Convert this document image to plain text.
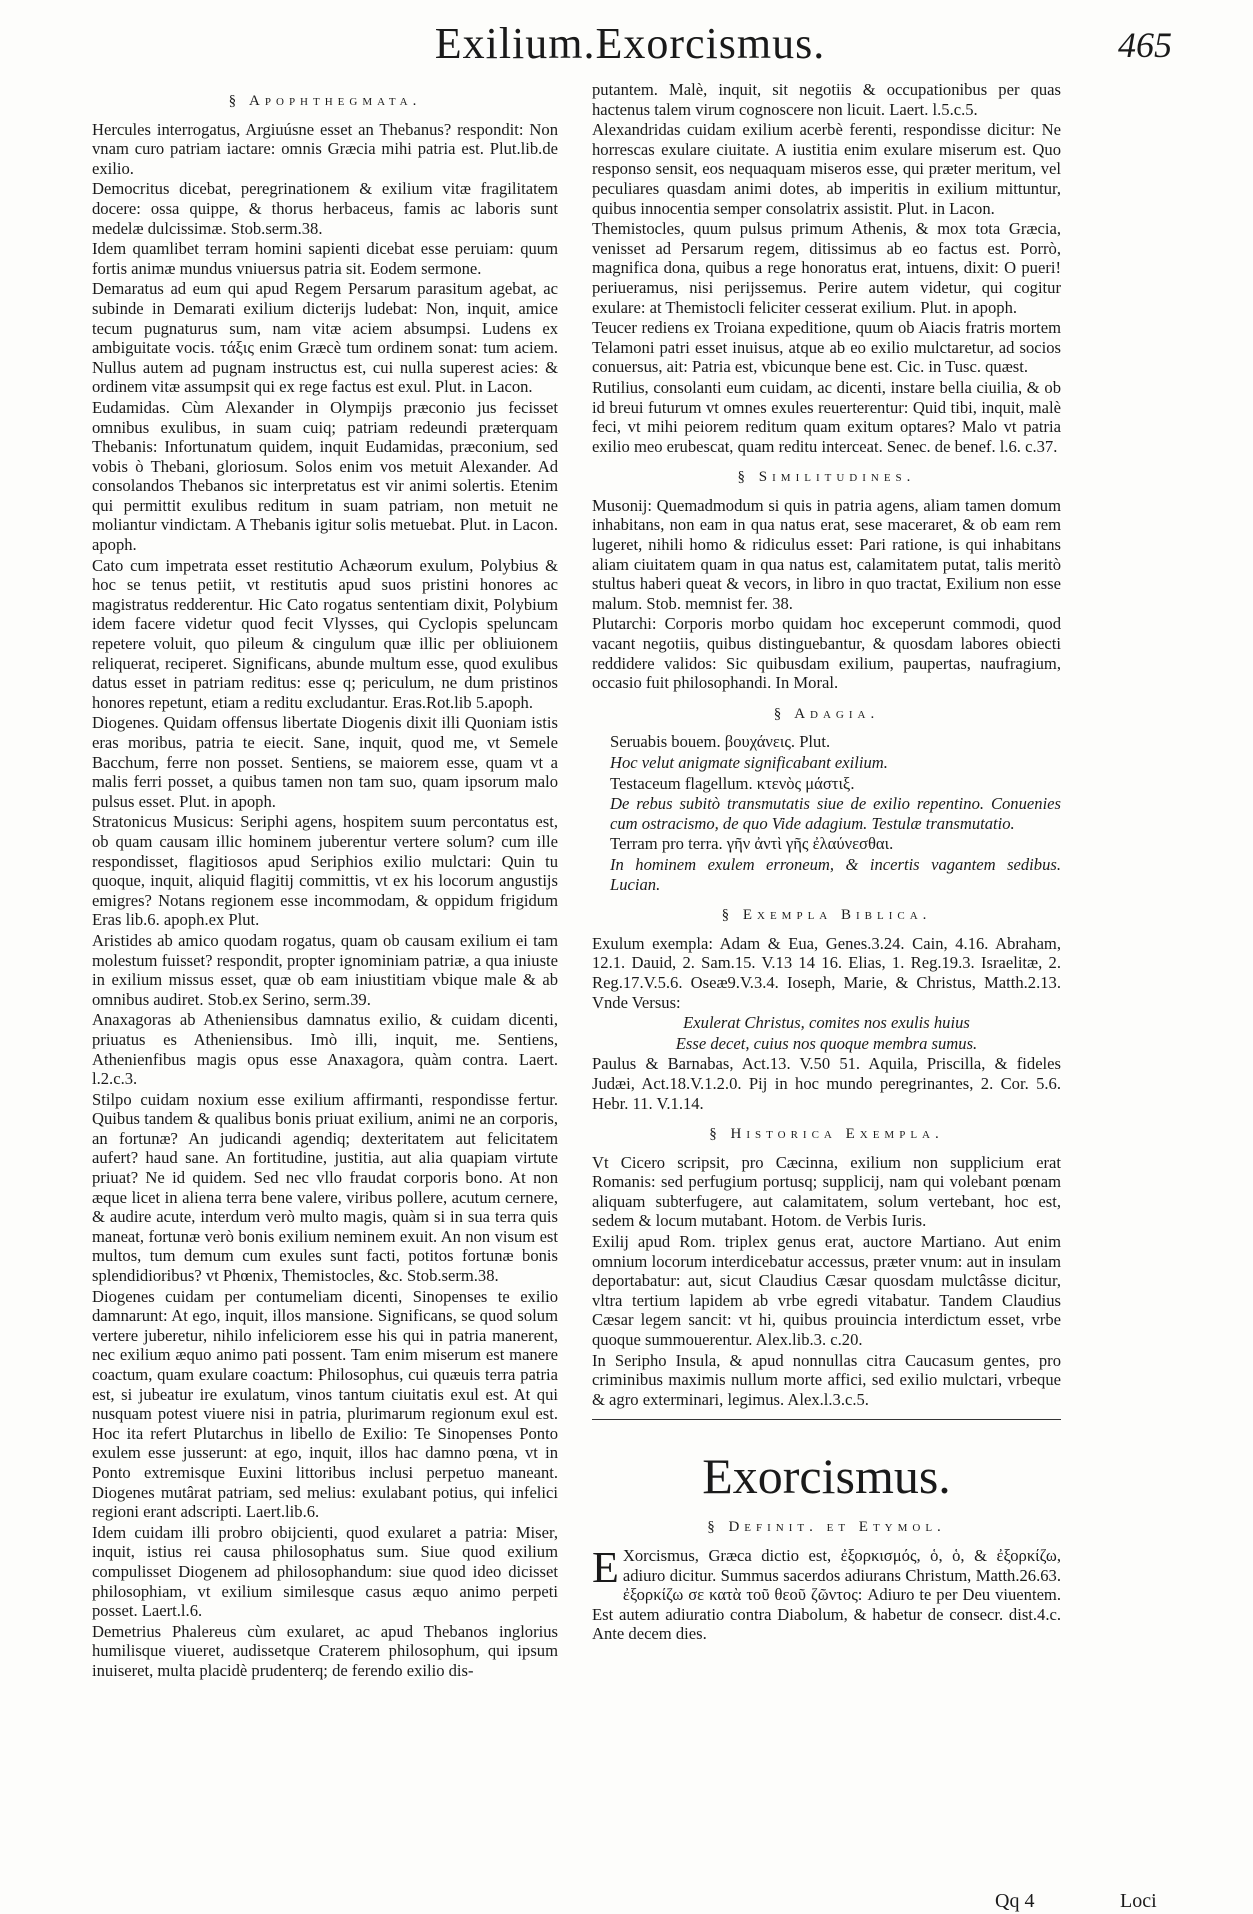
Exilium.Exorcismus.	465
§ Apophthegmata.

Hercules interrogatus, Argiuúsne esset an Thebanus? respondit: Non vnam curo patriam iactare: omnis Græcia mihi patria est. Plut.lib.de exilio.

Democritus dicebat, peregrinationem & exilium vitæ fragilitatem docere: ossa quippe, & thorus herbaceus, famis ac laboris sunt medelæ dulcissimæ. Stob.serm.38.

Idem quamlibet terram homini sapienti dicebat esse peruiam: quum fortis animæ mundus vniuersus patria sit. Eodem sermone.

Demaratus ad eum qui apud Regem Persarum parasitum agebat, ac subinde in Demarati exilium dicterijs ludebat: Non, inquit, amice tecum pugnaturus sum, nam vitæ aciem absumpsi. Ludens ex ambiguitate vocis. τάξις enim Græcè tum ordinem sonat: tum aciem. Nullus autem ad pugnam instructus est, cui nulla superest acies: & ordinem vitæ assumpsit qui ex rege factus est exul. Plut. in Lacon.

Eudamidas. Cùm Alexander in Olympijs præconio jus fecisset omnibus exulibus, in suam cuiq; patriam redeundi præterquam Thebanis: Infortunatum quidem, inquit Eudamidas, præconium, sed vobis ò Thebani, gloriosum. Solos enim vos metuit Alexander. Ad consolandos Thebanos sic interpretatus est vir animi solertis. Etenim qui permittit exulibus reditum in suam patriam, non metuit ne moliantur vindictam. A Thebanis igitur solis metuebat. Plut. in Lacon. apoph.

Cato cum impetrata esset restitutio Achæorum exulum, Polybius & hoc se tenus petiit, vt restitutis apud suos pristini honores ac magistratus redderentur. Hic Cato rogatus sententiam dixit, Polybium idem facere videtur quod fecit Vlysses, qui Cyclopis speluncam repetere voluit, quo pileum & cingulum quæ illic per obliuionem reliquerat, reciperet. Significans, abunde multum esse, quod exulibus datus esset in patriam reditus: esse q; periculum, ne dum pristinos honores repetunt, etiam a reditu excludantur. Eras.Rot.lib 5.apoph.

Diogenes. Quidam offensus libertate Diogenis dixit illi Quoniam istis eras moribus, patria te eiecit. Sane, inquit, quod me, vt Semele Bacchum, ferre non posset. Sentiens, se maiorem esse, quam vt a malis ferri posset, a quibus tamen non tam suo, quam ipsorum malo pulsus esset. Plut. in apoph.

Stratonicus Musicus: Seriphi agens, hospitem suum percontatus est, ob quam causam illic hominem juberentur vertere solum? cum ille respondisset, flagitiosos apud Seriphios exilio mulctari: Quin tu quoque, inquit, aliquid flagitij committis, vt ex his locorum angustijs emigres? Notans regionem esse incommodam, & oppidum frigidum Eras lib.6. apoph.ex Plut.

Aristides ab amico quodam rogatus, quam ob causam exilium ei tam molestum fuisset? respondit, propter ignominiam patriæ, a qua iniuste in exilium missus esset, quæ ob eam iniustitiam vbique male & ab omnibus audiret. Stob.ex Serino, serm.39.

Anaxagoras ab Atheniensibus damnatus exilio, & cuidam dicenti, priuatus es Atheniensibus. Imò illi, inquit, me. Sentiens, Athenienfibus magis opus esse Anaxagora, quàm contra. Laert. l.2.c.3.

Stilpo cuidam noxium esse exilium affirmanti, respondisse fertur. Quibus tandem & qualibus bonis priuat exilium, animi ne an corporis, an fortunæ? An judicandi agendiq; dexteritatem aut felicitatem aufert? haud sane. An fortitudine, justitia, aut alia quapiam virtute priuat? Ne id quidem. Sed nec vllo fraudat corporis bono. At non æque licet in aliena terra bene valere, viribus pollere, acutum cernere, & audire acute, interdum verò multo magis, quàm si in sua terra quis maneat, fortunæ verò bonis exilium neminem exuit. An non visum est multos, tum demum cum exules sunt facti, potitos fortunæ bonis splendidioribus? vt Phœnix, Themistocles, &c. Stob.serm.38.

Diogenes cuidam per contumeliam dicenti, Sinopenses te exilio damnarunt: At ego, inquit, illos mansione. Significans, se quod solum vertere juberetur, nihilo infeliciorem esse his qui in patria manerent, nec exilium æquo animo pati possent. Tam enim miserum est manere coactum, quam exulare coactum: Philosophus, cui quæuis terra patria est, si jubeatur ire exulatum, vinos tantum ciuitatis exul est. At qui nusquam potest viuere nisi in patria, plurimarum regionum exul est. Hoc ita refert Plutarchus in libello de Exilio: Te Sinopenses Ponto exulem esse jusserunt: at ego, inquit, illos hac damno pœna, vt in Ponto extremisque Euxini littoribus inclusi perpetuo maneant. Diogenes mutârat patriam, sed melius: exulabant potius, qui infelici regioni erant adscripti. Laert.lib.6.

Idem cuidam illi probro obijcienti, quod exularet a patria: Miser, inquit, istius rei causa philosophatus sum. Siue quod exilium compulisset Diogenem ad philosophandum: siue quod ideo dicisset philosophiam, vt exilium similesque casus æquo animo perpeti posset. Laert.l.6.

Demetrius Phalereus cùm exularet, ac apud Thebanos inglorius humilisque viueret, audissetque Craterem philosophum, qui ipsum inuiseret, multa placidè prudenterq; de ferendo exilio dis-

putantem. Malè, inquit, sit negotiis & occupationibus per quas hactenus talem virum cognoscere non licuit. Laert. l.5.c.5.

Alexandridas cuidam exilium acerbè ferenti, respondisse dicitur: Ne horrescas exulare ciuitate. A iustitia enim exulare miserum est. Quo responso sensit, eos nequaquam miseros esse, qui præter meritum, vel peculiares quasdam animi dotes, ab imperitis in exilium mittuntur, quibus innocentia semper consolatrix assistit. Plut. in Lacon.

Themistocles, quum pulsus primum Athenis, & mox tota Græcia, venisset ad Persarum regem, ditissimus ab eo factus est. Porrò, magnifica dona, quibus a rege honoratus erat, intuens, dixit: O pueri! periueramus, nisi perijssemus. Perire autem videtur, qui cogitur exulare: at Themistocli feliciter cesserat exilium. Plut. in apoph.

Teucer rediens ex Troiana expeditione, quum ob Aiacis fratris mortem Telamoni patri esset inuisus, atque ab eo exilio mulctaretur, ad socios conuersus, ait: Patria est, vbicunque bene est. Cic. in Tusc. quæst.

Rutilius, consolanti eum cuidam, ac dicenti, instare bella ciuilia, & ob id breui futurum vt omnes exules reuerterentur: Quid tibi, inquit, malè feci, vt mihi peiorem reditum quam exitum optares? Malo vt patria exilio meo erubescat, quam reditu interceat. Senec. de benef. l.6. c.37.

§ Similitudines.

Musonij: Quemadmodum si quis in patria agens, aliam tamen domum inhabitans, non eam in qua natus erat, sese maceraret, & ob eam rem lugeret, nihili homo & ridiculus esset: Pari ratione, is qui inhabitans aliam ciuitatem quam in qua natus est, calamitatem putat, talis meritò stultus haberi queat & vecors, in libro in quo tractat, Exilium non esse malum. Stob. memnist fer. 38.

Plutarchi: Corporis morbo quidam hoc exceperunt commodi, quod vacant negotiis, quibus distinguebantur, & quosdam labores obiecti reddidere validos: Sic quibusdam exilium, paupertas, naufragium, occasio fuit philosophandi. In Moral.

§ Adagia.

Seruabis bouem. βουχάνεις. Plut.

Hoc velut anigmate significabant exilium.

Testaceum flagellum. κτενὸς μάστιξ.

De rebus subitò transmutatis siue de exilio repentino. Conuenies cum ostracismo, de quo Vide adagium. Testulæ transmutatio.

Terram pro terra. γῆν ἀντὶ γῆς ἐλαύνεσθαι.

In hominem exulem erroneum, & incertis vagantem sedibus. Lucian.

§ Exempla Biblica.

Exulum exempla: Adam & Eua, Genes.3.24. Cain, 4.16. Abraham, 12.1. Dauid, 2. Sam.15. V.13 14 16. Elias, 1. Reg.19.3. Israelitæ, 2. Reg.17.V.5.6. Oseæ9.V.3.4. Ioseph, Marie, & Christus, Matth.2.13. Vnde Versus:

Exulerat Christus, comites nos exulis huius

Esse decet, cuius nos quoque membra sumus.

Paulus & Barnabas, Act.13. V.50 51. Aquila, Priscilla, & fideles Judæi, Act.18.V.1.2.0. Pij in hoc mundo peregrinantes, 2. Cor. 5.6. Hebr. 11. V.1.14.

§ Historica Exempla.

Vt Cicero scripsit, pro Cæcinna, exilium non supplicium erat Romanis: sed perfugium portusq; supplicij, nam qui volebant pœnam aliquam subterfugere, aut calamitatem, solum vertebant, hoc est, sedem & locum mutabant. Hotom. de Verbis Iuris.

Exilij apud Rom. triplex genus erat, auctore Martiano. Aut enim omnium locorum interdicebatur accessus, præter vnum: aut in insulam deportabatur: aut, sicut Claudius Cæsar quosdam mulctâsse dicitur, vltra tertium lapidem ab vrbe egredi vitabatur. Tandem Claudius Cæsar legem sancit: vt hi, quibus prouincia interdictum esset, vrbe quoque summouerentur. Alex.lib.3. c.20.

In Seripho Insula, & apud nonnullas citra Caucasum gentes, pro criminibus maximis nullum morte affici, sed exilio mulctari, vrbeque & agro exterminari, legimus. Alex.l.3.c.5.

Exorcismus.
§ Definit. et Etymol.

E Xorcismus, Græca dictio est, ἐξορκισμός, ὁ, ὁ, & ἐξορκίζω, adiuro dicitur. Summus sacerdos adiurans Christum, Matth.26.63. ἐξορκίζω σε κατὰ τοῦ θεοῦ ζῶντος: Adiuro te per Deu viuentem. Est autem adiuratio contra Diabolum, & habetur de consecr. dist.4.c. Ante decem dies.

Qq 4	Loci
